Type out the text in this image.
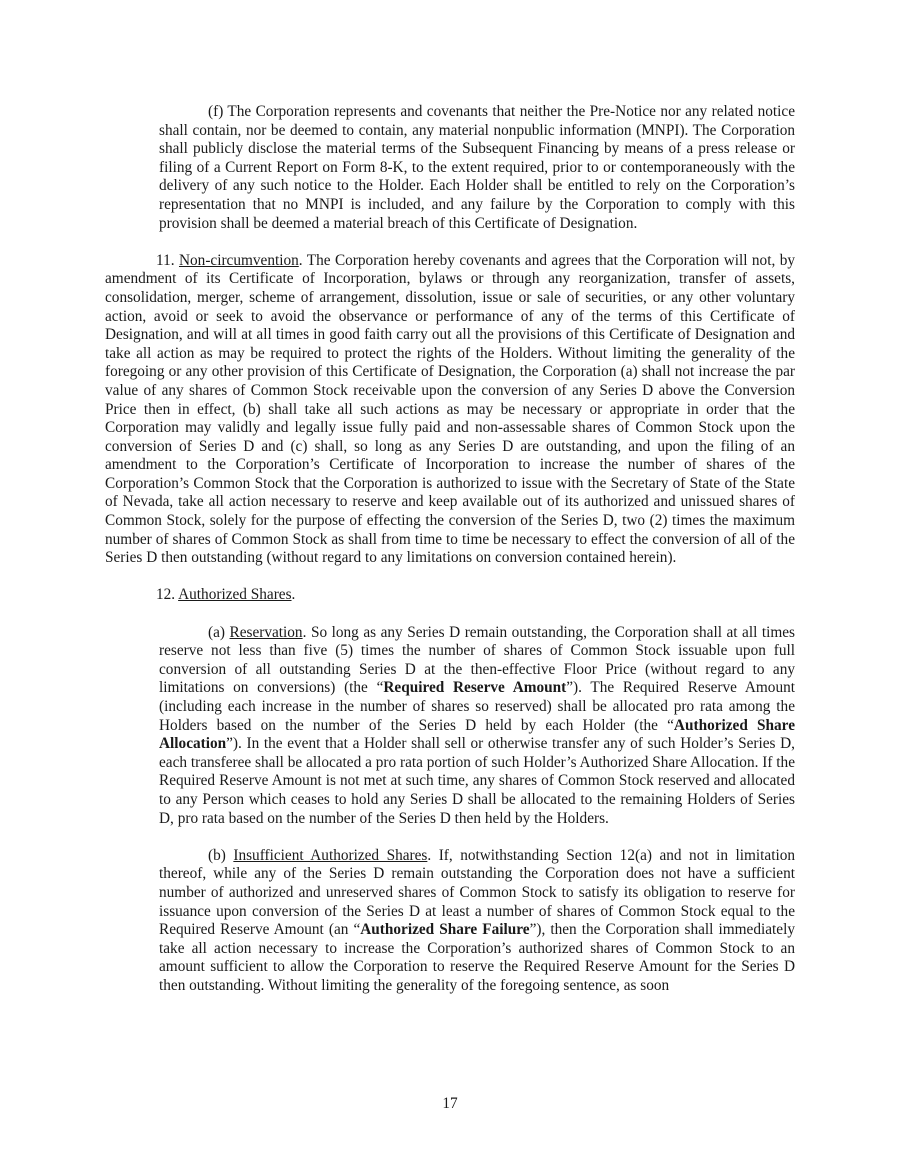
(f) The Corporation represents and covenants that neither the Pre-Notice nor any related notice shall contain, nor be deemed to contain, any material nonpublic information (MNPI). The Corporation shall publicly disclose the material terms of the Subsequent Financing by means of a press release or filing of a Current Report on Form 8-K, to the extent required, prior to or contemporaneously with the delivery of any such notice to the Holder. Each Holder shall be entitled to rely on the Corporation’s representation that no MNPI is included, and any failure by the Corporation to comply with this provision shall be deemed a material breach of this Certificate of Designation.

11. Non-circumvention. The Corporation hereby covenants and agrees that the Corporation will not, by amendment of its Certificate of Incorporation, bylaws or through any reorganization, transfer of assets, consolidation, merger, scheme of arrangement, dissolution, issue or sale of securities, or any other voluntary action, avoid or seek to avoid the observance or performance of any of the terms of this Certificate of Designation, and will at all times in good faith carry out all the provisions of this Certificate of Designation and take all action as may be required to protect the rights of the Holders. Without limiting the generality of the foregoing or any other provision of this Certificate of Designation, the Corporation (a) shall not increase the par value of any shares of Common Stock receivable upon the conversion of any Series D above the Conversion Price then in effect, (b) shall take all such actions as may be necessary or appropriate in order that the Corporation may validly and legally issue fully paid and non-assessable shares of Common Stock upon the conversion of Series D and (c) shall, so long as any Series D are outstanding, and upon the filing of an amendment to the Corporation’s Certificate of Incorporation to increase the number of shares of the Corporation’s Common Stock that the Corporation is authorized to issue with the Secretary of State of the State of Nevada, take all action necessary to reserve and keep available out of its authorized and unissued shares of Common Stock, solely for the purpose of effecting the conversion of the Series D, two (2) times the maximum number of shares of Common Stock as shall from time to time be necessary to effect the conversion of all of the Series D then outstanding (without regard to any limitations on conversion contained herein).

12. Authorized Shares.

(a) Reservation. So long as any Series D remain outstanding, the Corporation shall at all times reserve not less than five (5) times the number of shares of Common Stock issuable upon full conversion of all outstanding Series D at the then-effective Floor Price (without regard to any limitations on conversions) (the “Required Reserve Amount”). The Required Reserve Amount (including each increase in the number of shares so reserved) shall be allocated pro rata among the Holders based on the number of the Series D held by each Holder (the “Authorized Share Allocation”). In the event that a Holder shall sell or otherwise transfer any of such Holder’s Series D, each transferee shall be allocated a pro rata portion of such Holder’s Authorized Share Allocation. If the Required Reserve Amount is not met at such time, any shares of Common Stock reserved and allocated to any Person which ceases to hold any Series D shall be allocated to the remaining Holders of Series D, pro rata based on the number of the Series D then held by the Holders.

(b) Insufficient Authorized Shares. If, notwithstanding Section 12(a) and not in limitation thereof, while any of the Series D remain outstanding the Corporation does not have a sufficient number of authorized and unreserved shares of Common Stock to satisfy its obligation to reserve for issuance upon conversion of the Series D at least a number of shares of Common Stock equal to the Required Reserve Amount (an “Authorized Share Failure”), then the Corporation shall immediately take all action necessary to increase the Corporation’s authorized shares of Common Stock to an amount sufficient to allow the Corporation to reserve the Required Reserve Amount for the Series D then outstanding. Without limiting the generality of the foregoing sentence, as soon

17
